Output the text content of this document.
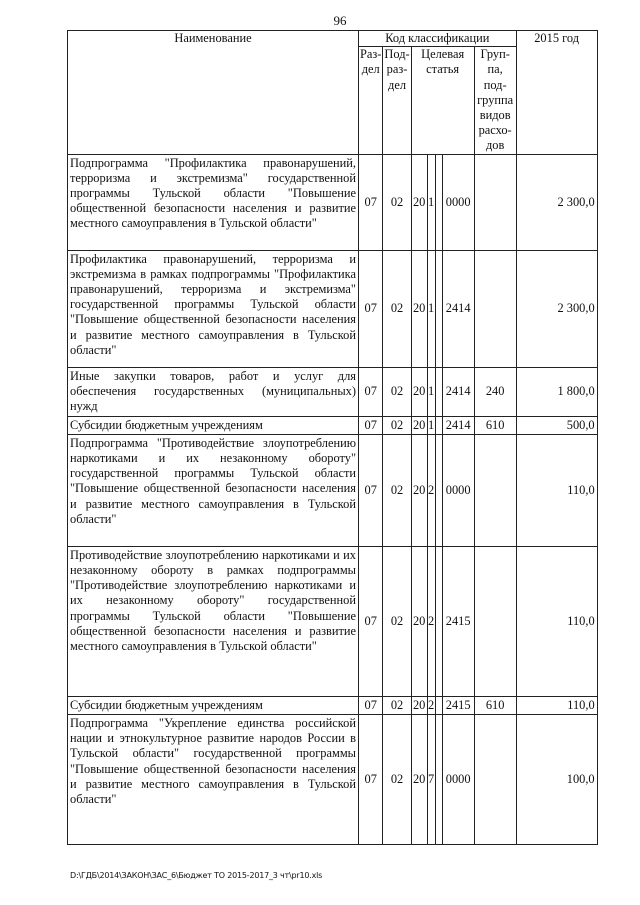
96
Наименование	Код классификации							2015 год
	Раз-дел	Под-раз-дел	Целевая статья				Груп-па, под-группа видов расхо-дов	
Подпрограмма "Профилактика правонарушений, терроризма и экстремизма" государственной программы Тульской области "Повышение общественной безопасности населения и развитие местного самоуправления в Тульской области"	07	02	20	1		0000		2 300,0
Профилактика правонарушений, терроризма и экстремизма в рамках подпрограммы "Профилактика правонарушений, терроризма и экстремизма" государственной программы Тульской области "Повышение общественной безопасности населения и развитие местного самоуправления в Тульской области"	07	02	20	1		2414		2 300,0
Иные закупки товаров, работ и услуг для обеспечения государственных (муниципальных) нужд	07	02	20	1		2414	240	1 800,0
Субсидии бюджетным учреждениям	07	02	20	1		2414	610	500,0
Подпрограмма "Противодействие злоупотреблению наркотиками и их незаконному обороту" государственной программы Тульской области "Повышение общественной безопасности населения и развитие местного самоуправления в Тульской области"	07	02	20	2		0000		110,0
Противодействие злоупотреблению наркотиками и их незаконному обороту в рамках подпрограммы "Противодействие злоупотреблению наркотиками и их незаконному обороту" государственной программы Тульской области "Повышение общественной безопасности населения и развитие местного самоуправления в Тульской области"	07	02	20	2		2415		110,0
Субсидии бюджетным учреждениям	07	02	20	2		2415	610	110,0
Подпрограмма "Укрепление единства российской нации и этнокультурное развитие народов России в Тульской области" государственной программы "Повышение общественной безопасности населения и развитие местного самоуправления в Тульской области"	07	02	20	7		0000		100,0
D:\ГДБ\2014\ЗАКОН\ЗАС_6\Бюджет ТО 2015-2017_3 чт\pr10.xls
